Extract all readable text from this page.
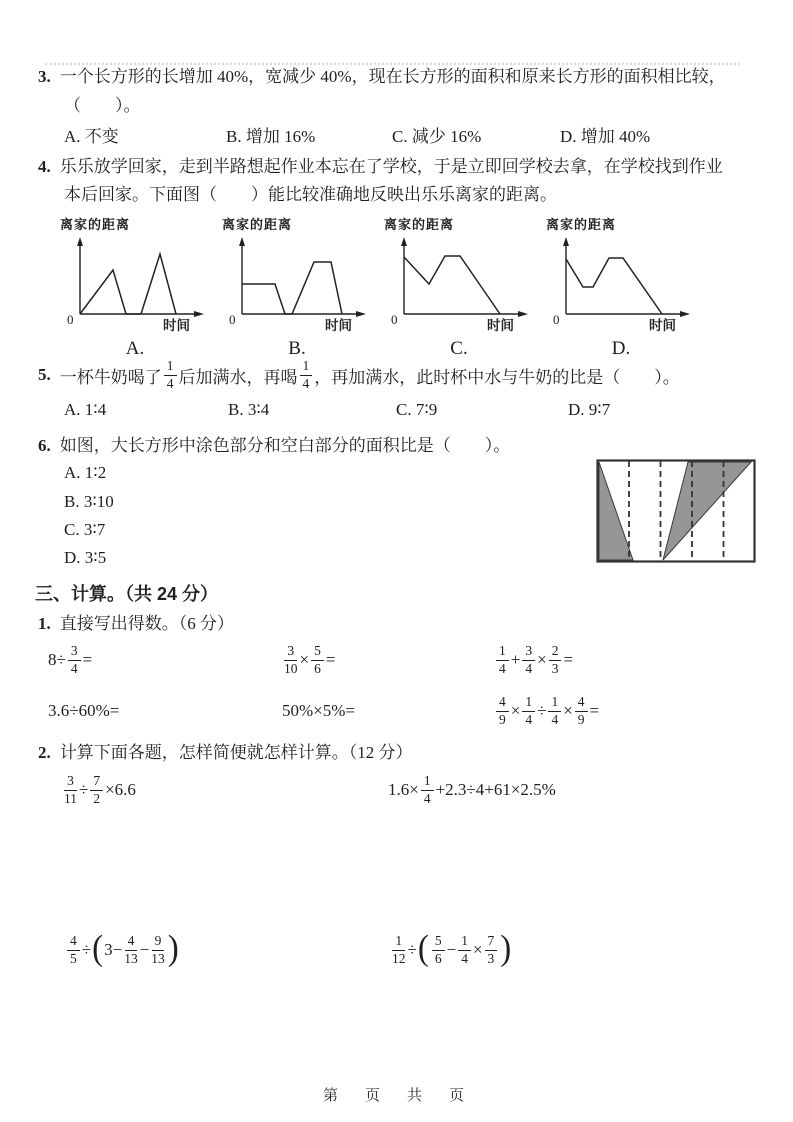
3. 一个长方形的长增加 40%，宽减少 40%，现在长方形的面积和原来长方形的面积相比较，
（　　）。
A. 不变	B. 增加 16%	C. 减少 16%	D. 增加 40%
4. 乐乐放学回家，走到半路想起作业本忘在了学校，于是立即回学校去拿，在学校找到作业
本后回家。下面图（　　）能比较准确地反映出乐乐离家的距离。
离家的距离
0	时间
A.
离家的距离
0	时间
B.
离家的距离
0	时间
C.
离家的距离
0	时间
D.
5. 一杯牛奶喝了 $\frac{1}{4}$ 后加满水，再喝 $\frac{1}{4}$ ，再加满水，此时杯中水与牛奶的比是（　　）。
A. 1∶4	B. 3∶4	C. 7∶9	D. 9∶7
6. 如图，大长方形中涂色部分和空白部分的面积比是（　　）。
A. 1∶2
B. 3∶10
C. 3∶7
D. 3∶5
三、计算。（共 24 分）
1. 直接写出得数。（6 分）
$8\div \frac{3}{4}$ =	$\frac{3}{10} \times \frac{5}{6}$ =	$\frac{1}{4} + \frac{3}{4} \times \frac{2}{3}$ =
3.6÷60%=	50%×5%=	$\frac{4}{9} \times \frac{1}{4} \div \frac{1}{4} \times \frac{4}{9}$ =
2. 计算下面各题，怎样简便就怎样计算。（12 分）
$\frac{3}{11} \div \frac{7}{2} \times 6.6$	$1.6\times \frac{1}{4} +2.3\div 4+61\times 2.5\%$
$\frac{4}{5}$ ÷ ( $3- \frac{4}{13} - \frac{9}{13}$ )	$\frac{1}{12}$ ÷ ( $\frac{5}{6} - \frac{1}{4} \times \frac{7}{3}$ )
第　页　共　页
